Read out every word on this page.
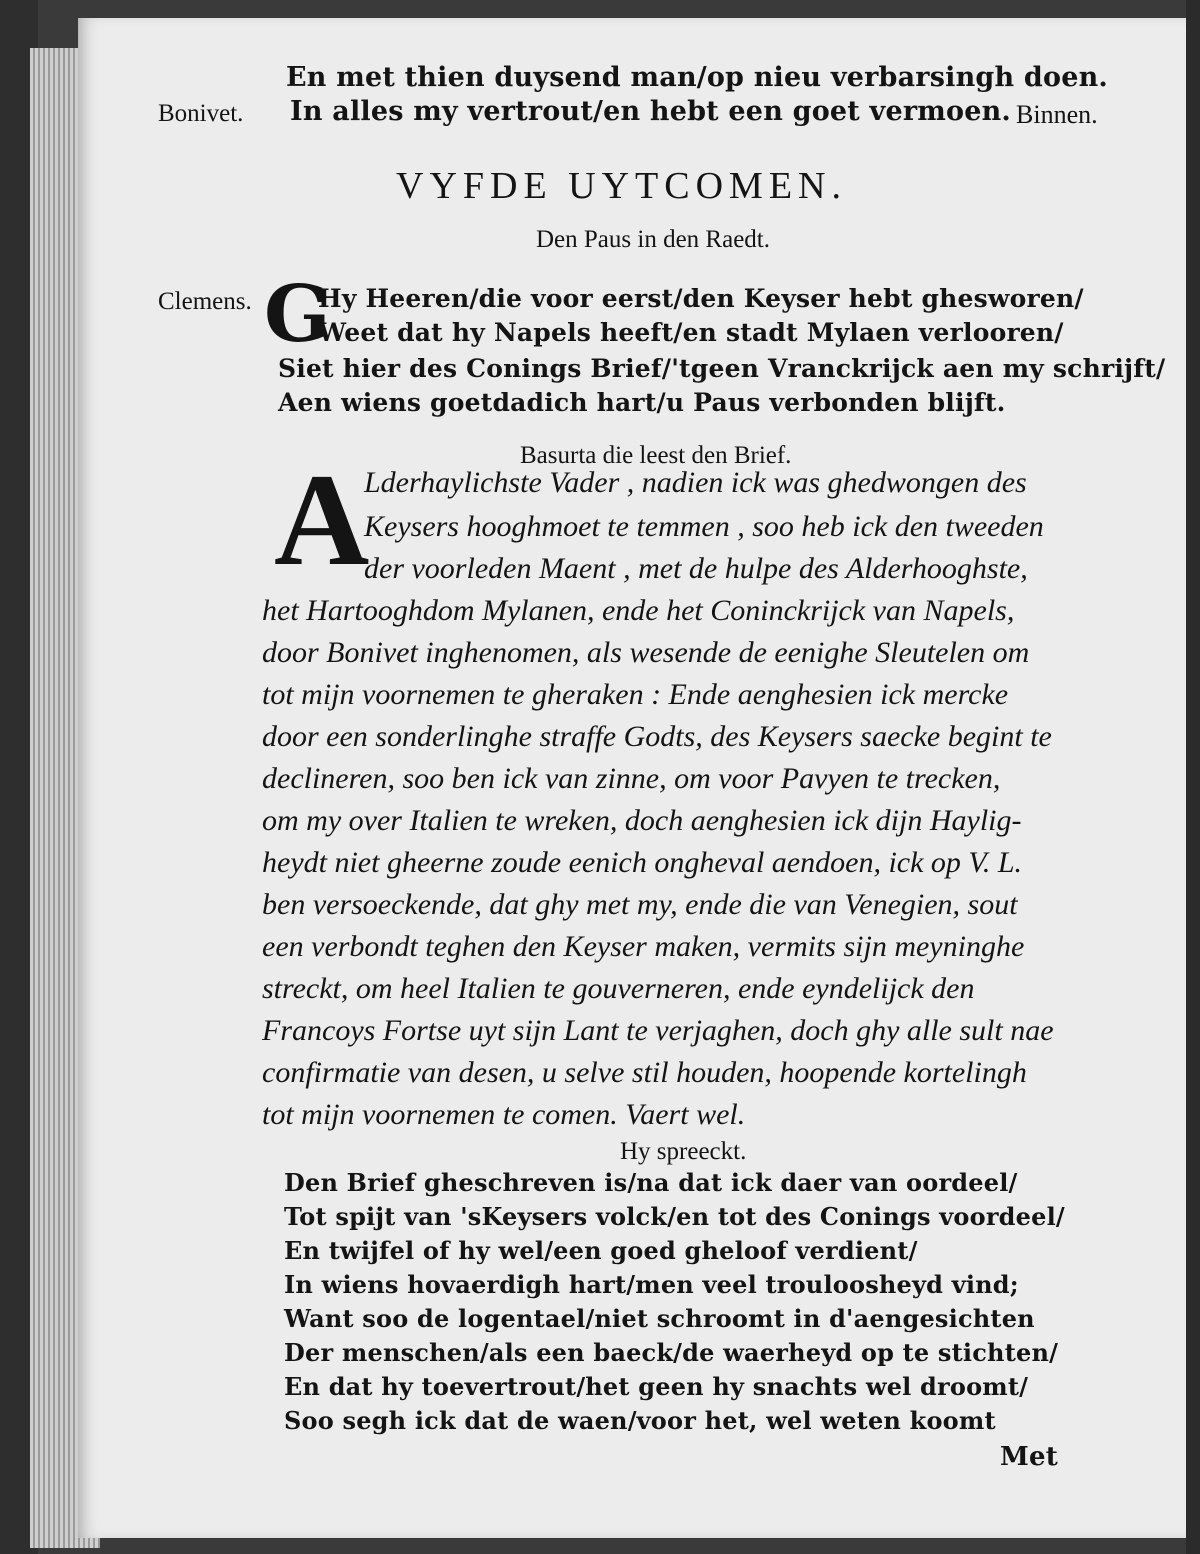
En met thien duysend man/op nieu verbarsingh doen.
Bonivet. In alles my vertrout/en hebt een goet vermoen. Binnen.
VYFDE UYTCOMEN.
Den Paus in den Raedt.
Clemens. G
Hy Heeren/die voor eerst/den Keyser hebt ghesworen/
Weet dat hy Napels heeft/en stadt Mylaen verlooren/
Siet hier des Conings Brief/'tgeen Vranckrijck aen my schrijft/
Aen wiens goetdadich hart/u Paus verbonden blijft.
Basurta die leest den Brief.
A
Lderhaylichste Vader , nadien ick was ghedwongen des
Keysers hooghmoet te temmen , soo heb ick den tweeden
der voorleden Maent , met de hulpe des Alderhooghste,
het Hartooghdom Mylanen, ende het Coninckrijck van Napels,
door Bonivet inghenomen, als wesende de eenighe Sleutelen om
tot mijn voornemen te gheraken : Ende aenghesien ick mercke
door een sonderlinghe straffe Godts, des Keysers saecke begint te
declineren, soo ben ick van zinne, om voor Pavyen te trecken,
om my over Italien te wreken, doch aenghesien ick dijn Haylig-
heydt niet gheerne zoude eenich ongheval aendoen, ick op V. L.
ben versoeckende, dat ghy met my, ende die van Venegien, sout
een verbondt teghen den Keyser maken, vermits sijn meyninghe
streckt, om heel Italien te gouverneren, ende eyndelijck den
Francoys Fortse uyt sijn Lant te verjaghen, doch ghy alle sult nae
confirmatie van desen, u selve stil houden, hoopende kortelingh
tot mijn voornemen te comen. Vaert wel.
Hy spreeckt.
Den Brief gheschreven is/na dat ick daer van oordeel/
Tot spijt van 'sKeysers volck/en tot des Conings voordeel/
En twijfel of hy wel/een goed gheloof verdient/
In wiens hovaerdigh hart/men veel trouloosheyd vind;
Want soo de logentael/niet schroomt in d'aengesichten
Der menschen/als een baeck/de waerheyd op te stichten/
En dat hy toevertrout/het geen hy snachts wel droomt/
Soo segh ick dat de waen/voor het, wel weten koomt
Met
